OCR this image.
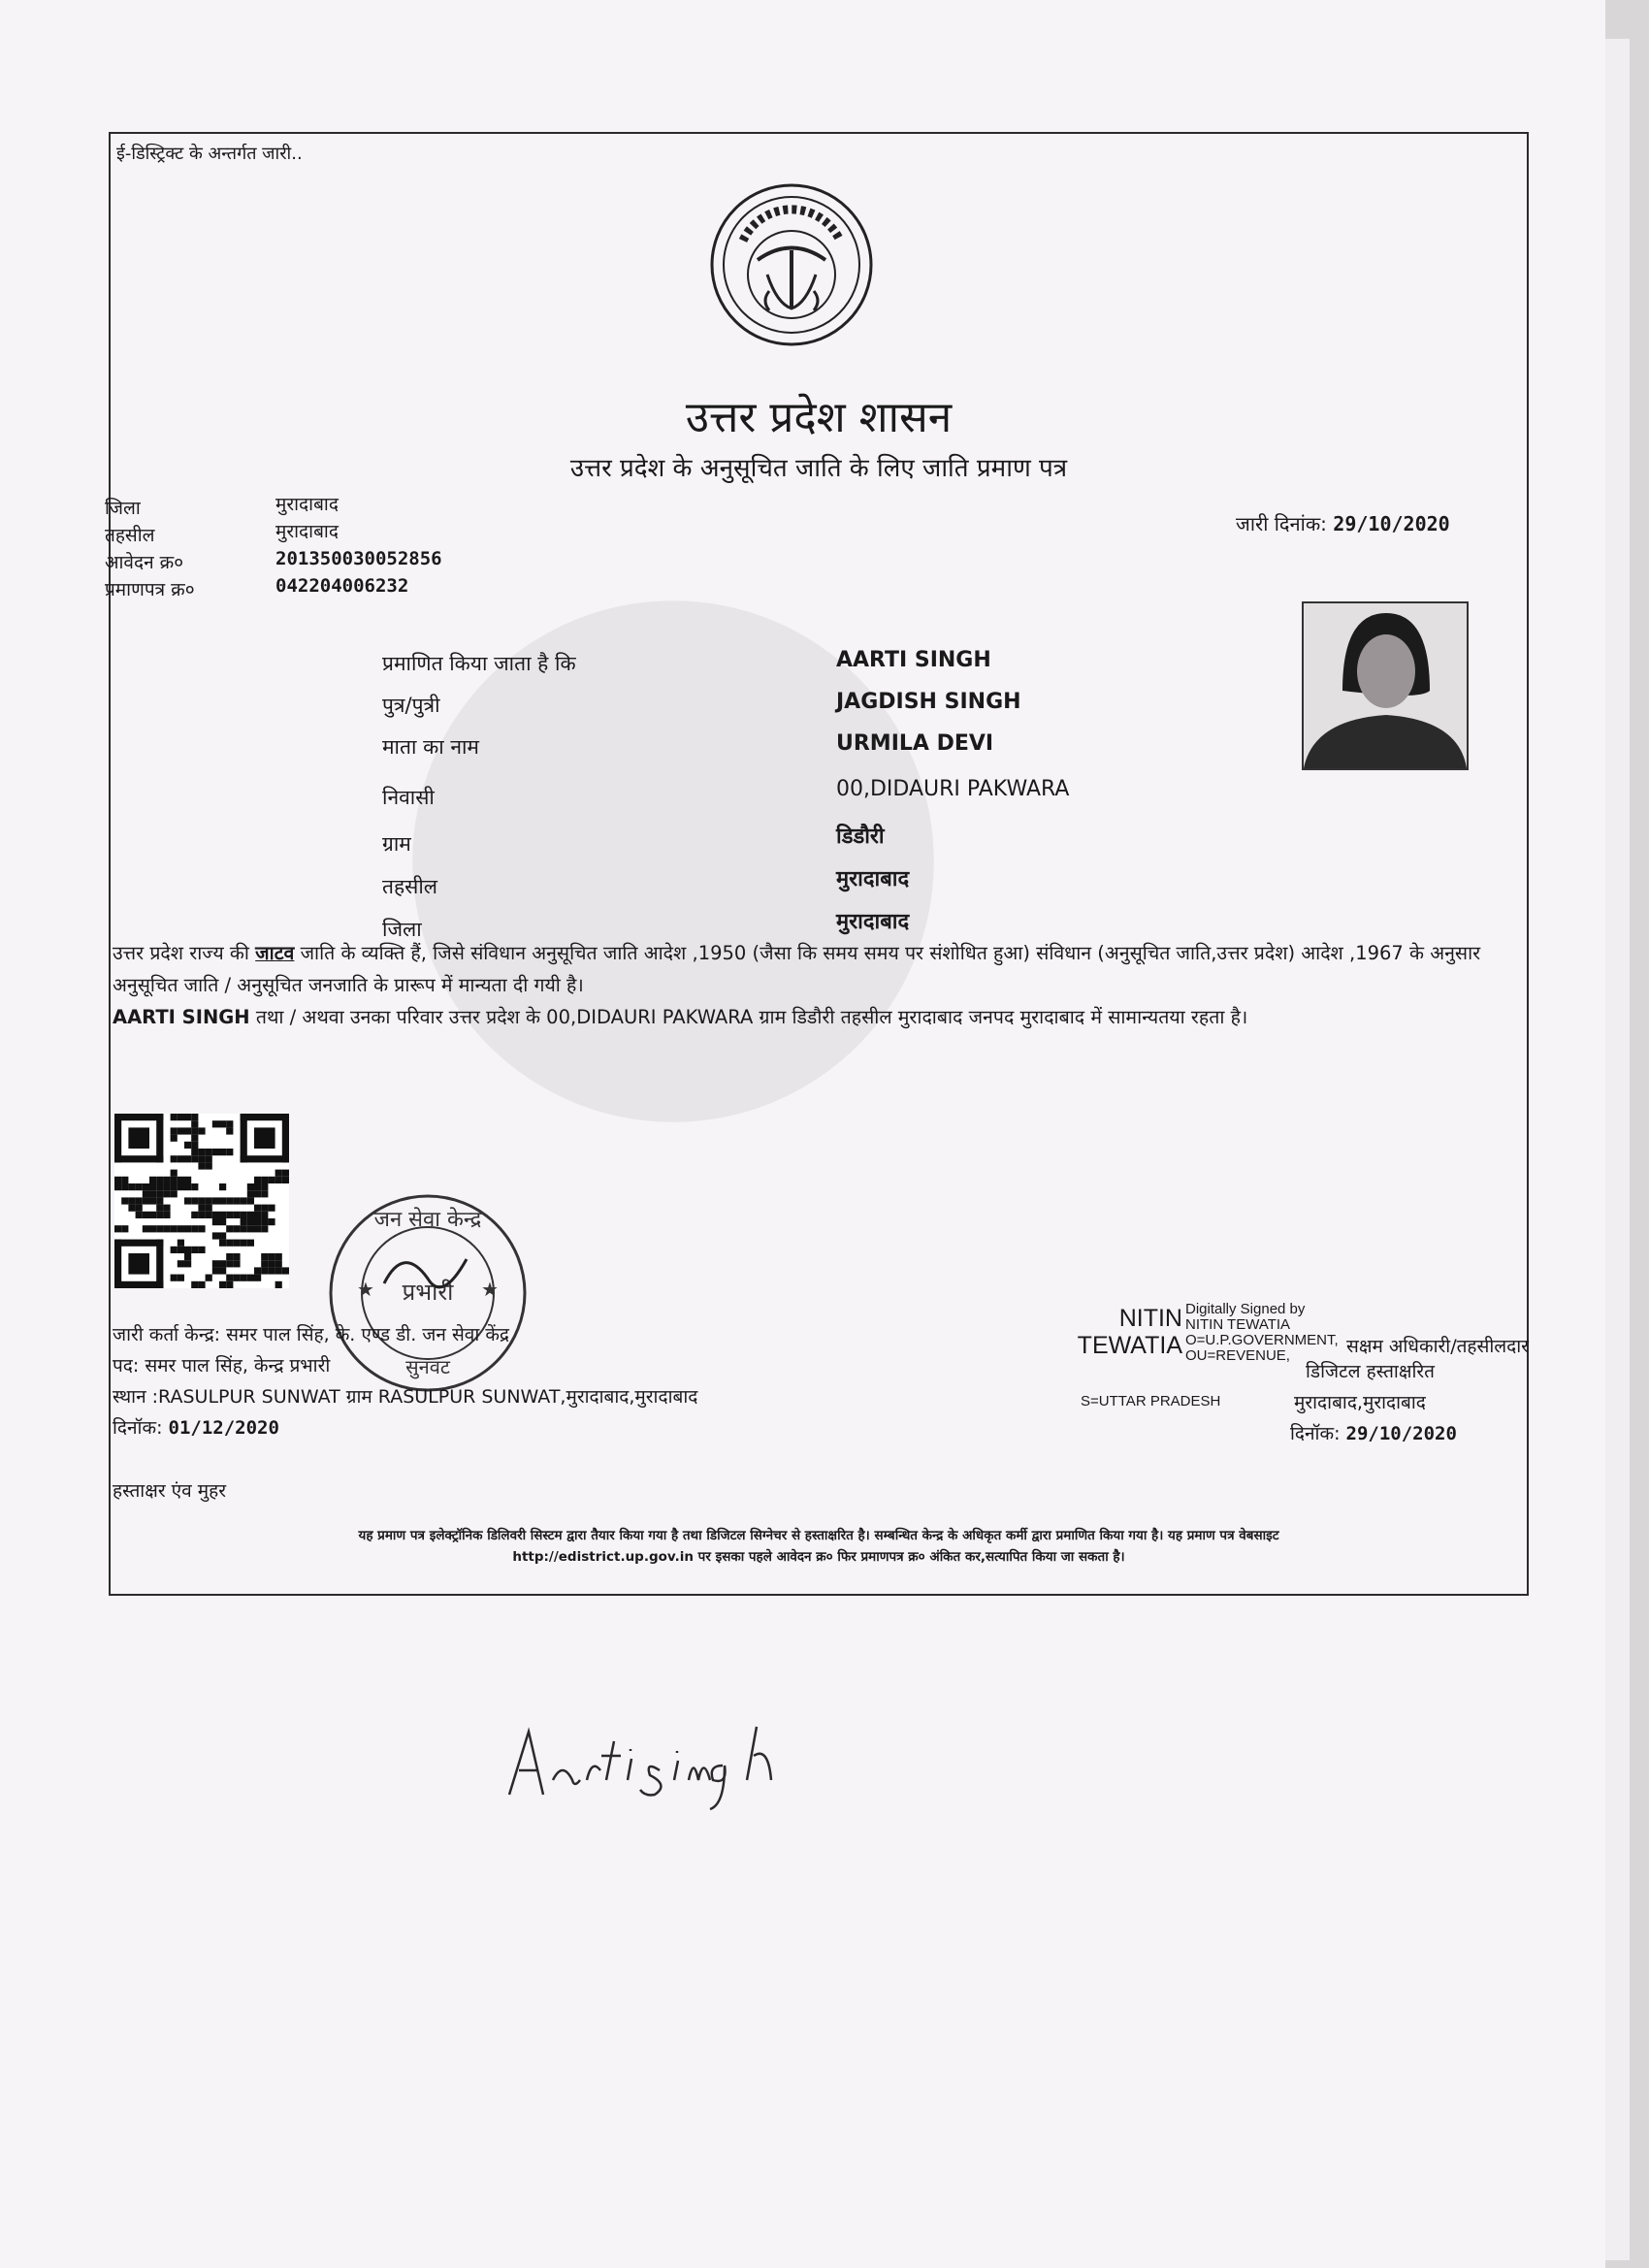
ई-डिस्ट्रिक्ट के अन्तर्गत जारी..
उत्तर प्रदेश शासन
उत्तर प्रदेश के अनुसूचित जाति के लिए जाति प्रमाण पत्र
जिला
तहसील
आवेदन क्र०
प्रमाणपत्र क्र०
मुरादाबाद
मुरादाबाद
201350030052856
042204006232
जारी दिनांक: 29/10/2020
प्रमाणित किया जाता है कि
पुत्र/पुत्री
माता का नाम
निवासी
ग्राम
तहसील
जिला
AARTI SINGH
JAGDISH SINGH
URMILA DEVI
00,DIDAURI PAKWARA
डिडौरी
मुरादाबाद
मुरादाबाद
उत्तर प्रदेश राज्य की जाटव जाति के व्यक्ति हैं, जिसे संविधान अनुसूचित जाति आदेश ,1950 (जैसा कि समय समय पर संशोधित हुआ) संविधान (अनुसूचित जाति,उत्तर प्रदेश) आदेश ,1967 के अनुसार अनुसूचित जाति / अनुसूचित जनजाति के प्रारूप में मान्यता दी गयी है।
AARTI SINGH तथा / अथवा उनका परिवार उत्तर प्रदेश के 00,DIDAURI PAKWARA ग्राम डिडौरी तहसील मुरादाबाद जनपद मुरादाबाद में सामान्यतया रहता है।
जन सेवा केन्द्र
प्रभारी
सुनवट
★	★
जारी कर्ता केन्द्र: समर पाल सिंह, के. एण्ड डी. जन सेवा केंद्र
पद: समर पाल सिंह, केन्द्र प्रभारी
स्थान :RASULPUR SUNWAT ग्राम RASULPUR SUNWAT,मुरादाबाद,मुरादाबाद
दिनॉक: 01/12/2020
हस्ताक्षर एंव मुहर
NITIN
TEWATIA
Digitally Signed by
NITIN TEWATIA
O=U.P.GOVERNMENT,
OU=REVENUE,
S=UTTAR PRADESH
सक्षम अधिकारी/तहसीलदार
डिजिटल हस्ताक्षरित
मुरादाबाद,मुरादाबाद
दिनॉक: 29/10/2020
यह प्रमाण पत्र इलेक्ट्रॉनिक डिलिवरी सिस्टम द्वारा तैयार किया गया है तथा डिजिटल सिग्नेचर से हस्ताक्षरित है। सम्बन्धित केन्द्र के अधिकृत कर्मी द्वारा प्रमाणित किया गया है। यह प्रमाण पत्र वेबसाइट
http://edistrict.up.gov.in पर इसका पहले आवेदन क्र० फिर प्रमाणपत्र क्र० अंकित कर,सत्यापित किया जा सकता है।
